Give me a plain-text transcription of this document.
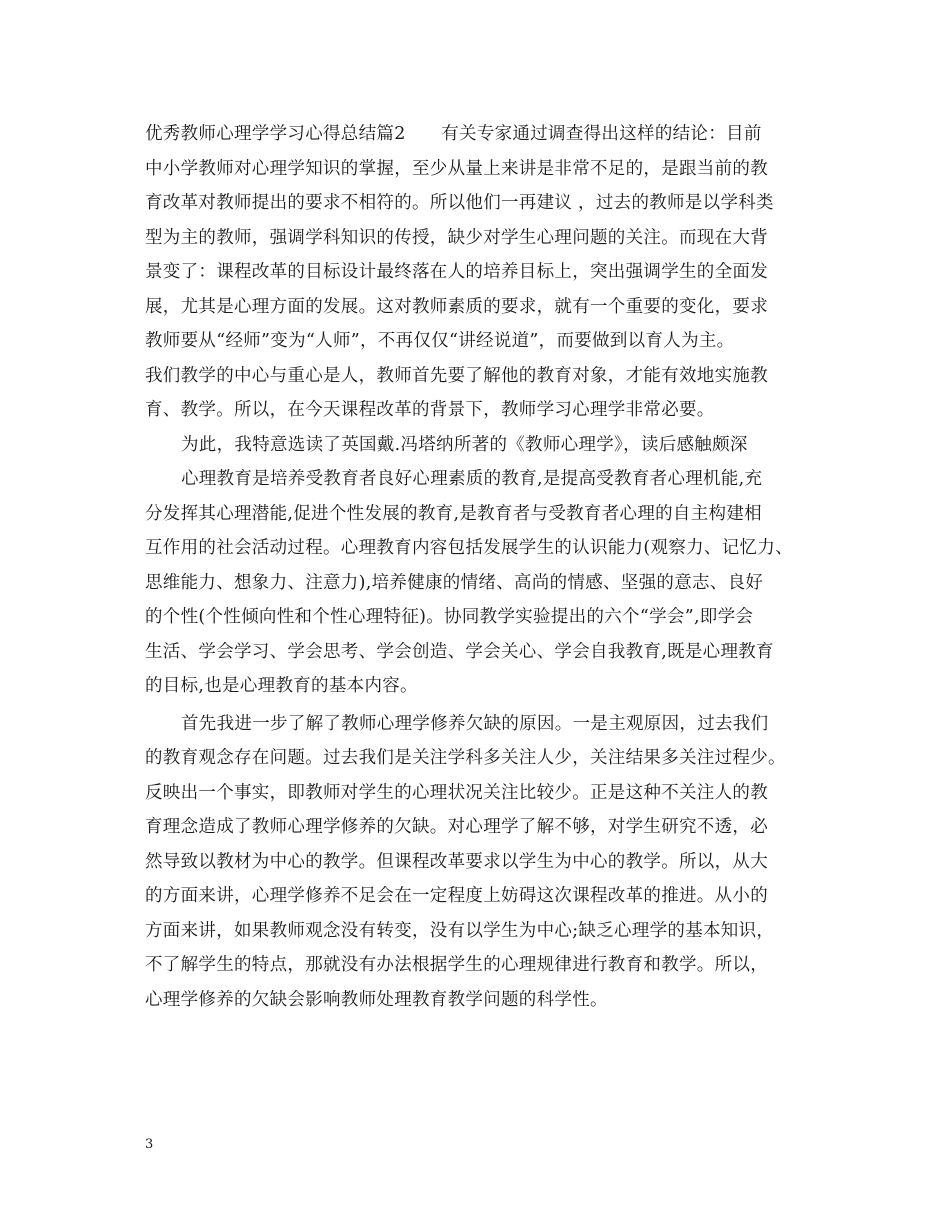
优秀教师心理学学习心得总结篇2　　有关专家通过调查得出这样的结论：目前
中小学教师对心理学知识的掌握，至少从量上来讲是非常不足的，是跟当前的教
育改革对教师提出的要求不相符的。所以他们一再建议 ，过去的教师是以学科类
型为主的教师，强调学科知识的传授，缺少对学生心理问题的关注。而现在大背
景变了：课程改革的目标设计最终落在人的培养目标上，突出强调学生的全面发
展，尤其是心理方面的发展。这对教师素质的要求，就有一个重要的变化，要求
教师要从“经师”变为“人师”，不再仅仅“讲经说道”，而要做到以育人为主。
我们教学的中心与重心是人，教师首先要了解他的教育对象，才能有效地实施教
育、教学。所以，在今天课程改革的背景下，教师学习心理学非常必要。
为此，我特意选读了英国戴.冯塔纳所著的《教师心理学》，读后感触颇深
心理教育是培养受教育者良好心理素质的教育,是提高受教育者心理机能,充
分发挥其心理潜能,促进个性发展的教育,是教育者与受教育者心理的自主构建相
互作用的社会活动过程。心理教育内容包括发展学生的认识能力(观察力、记忆力、
思维能力、想象力、注意力),培养健康的情绪、高尚的情感、坚强的意志、良好
的个性(个性倾向性和个性心理特征)。协同教学实验提出的六个“学会”,即学会
生活、学会学习、学会思考、学会创造、学会关心、学会自我教育,既是心理教育
的目标,也是心理教育的基本内容。
首先我进一步了解了教师心理学修养欠缺的原因。一是主观原因，过去我们
的教育观念存在问题。过去我们是关注学科多关注人少，关注结果多关注过程少。
反映出一个事实，即教师对学生的心理状况关注比较少。正是这种不关注人的教
育理念造成了教师心理学修养的欠缺。对心理学了解不够，对学生研究不透，必
然导致以教材为中心的教学。但课程改革要求以学生为中心的教学。所以，从大
的方面来讲，心理学修养不足会在一定程度上妨碍这次课程改革的推进。从小的
方面来讲，如果教师观念没有转变，没有以学生为中心;缺乏心理学的基本知识，
不了解学生的特点，那就没有办法根据学生的心理规律进行教育和教学。所以，
心理学修养的欠缺会影响教师处理教育教学问题的科学性。
3
